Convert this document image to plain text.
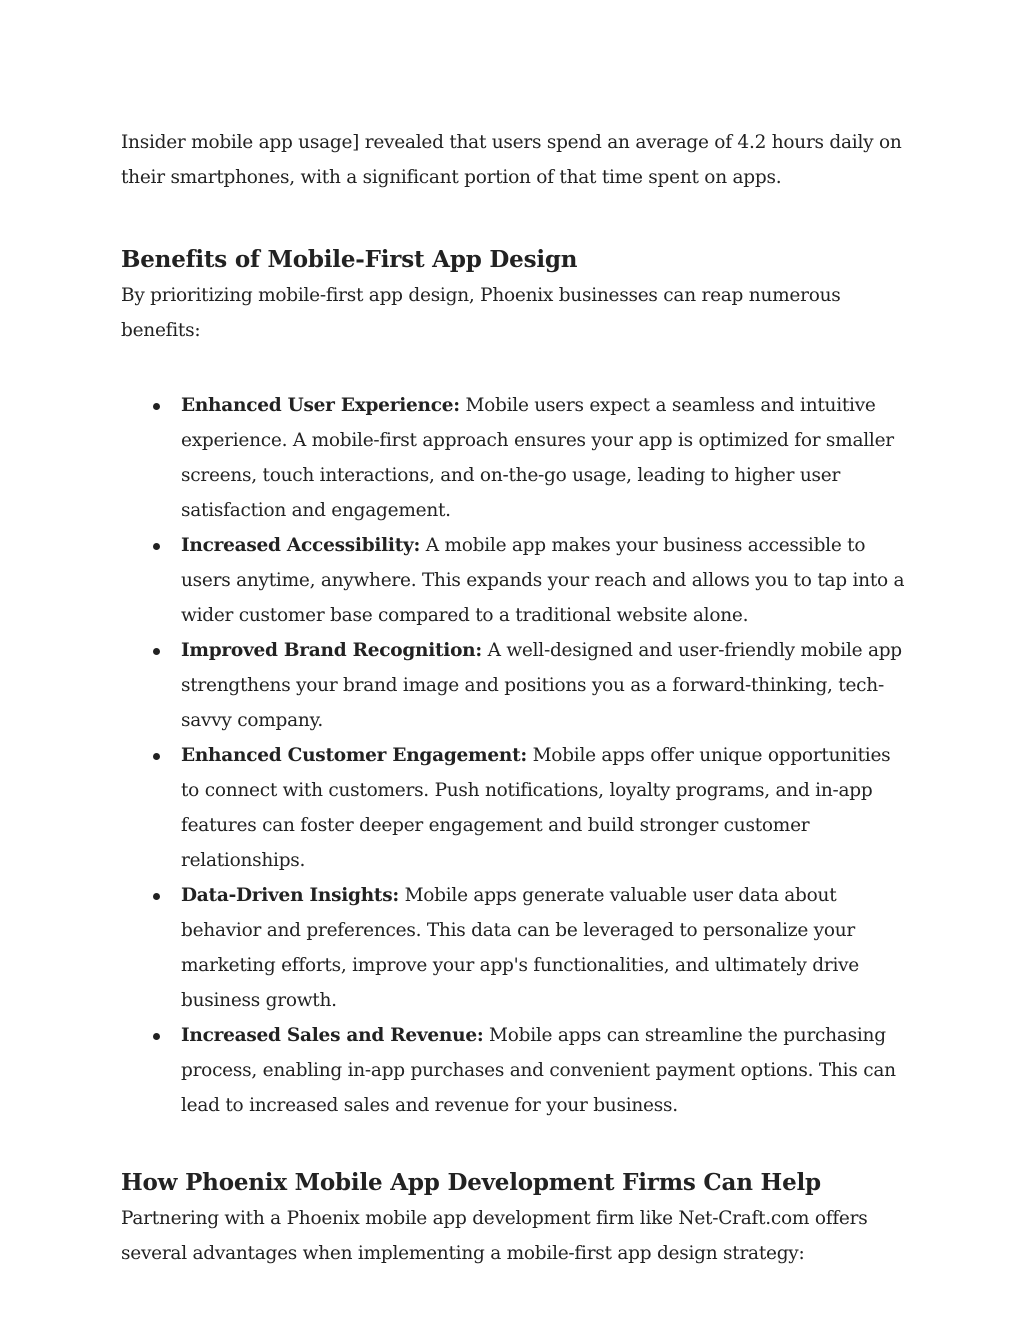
Insider mobile app usage] revealed that users spend an average of 4.2 hours daily on their smartphones, with a significant portion of that time spent on apps.

Benefits of Mobile-First App Design

By prioritizing mobile-first app design, Phoenix businesses can reap numerous benefits:

Enhanced User Experience: Mobile users expect a seamless and intuitive experience. A mobile-first approach ensures your app is optimized for smaller screens, touch interactions, and on-the-go usage, leading to higher user satisfaction and engagement.
Increased Accessibility: A mobile app makes your business accessible to users anytime, anywhere. This expands your reach and allows you to tap into a wider customer base compared to a traditional website alone.
Improved Brand Recognition: A well-designed and user-friendly mobile app strengthens your brand image and positions you as a forward-thinking, tech-savvy company.
Enhanced Customer Engagement: Mobile apps offer unique opportunities to connect with customers. Push notifications, loyalty programs, and in-app features can foster deeper engagement and build stronger customer relationships.
Data-Driven Insights: Mobile apps generate valuable user data about behavior and preferences. This data can be leveraged to personalize your marketing efforts, improve your app's functionalities, and ultimately drive business growth.
Increased Sales and Revenue: Mobile apps can streamline the purchasing process, enabling in-app purchases and convenient payment options. This can lead to increased sales and revenue for your business.
How Phoenix Mobile App Development Firms Can Help

Partnering with a Phoenix mobile app development firm like Net-Craft.com offers several advantages when implementing a mobile-first app design strategy:
